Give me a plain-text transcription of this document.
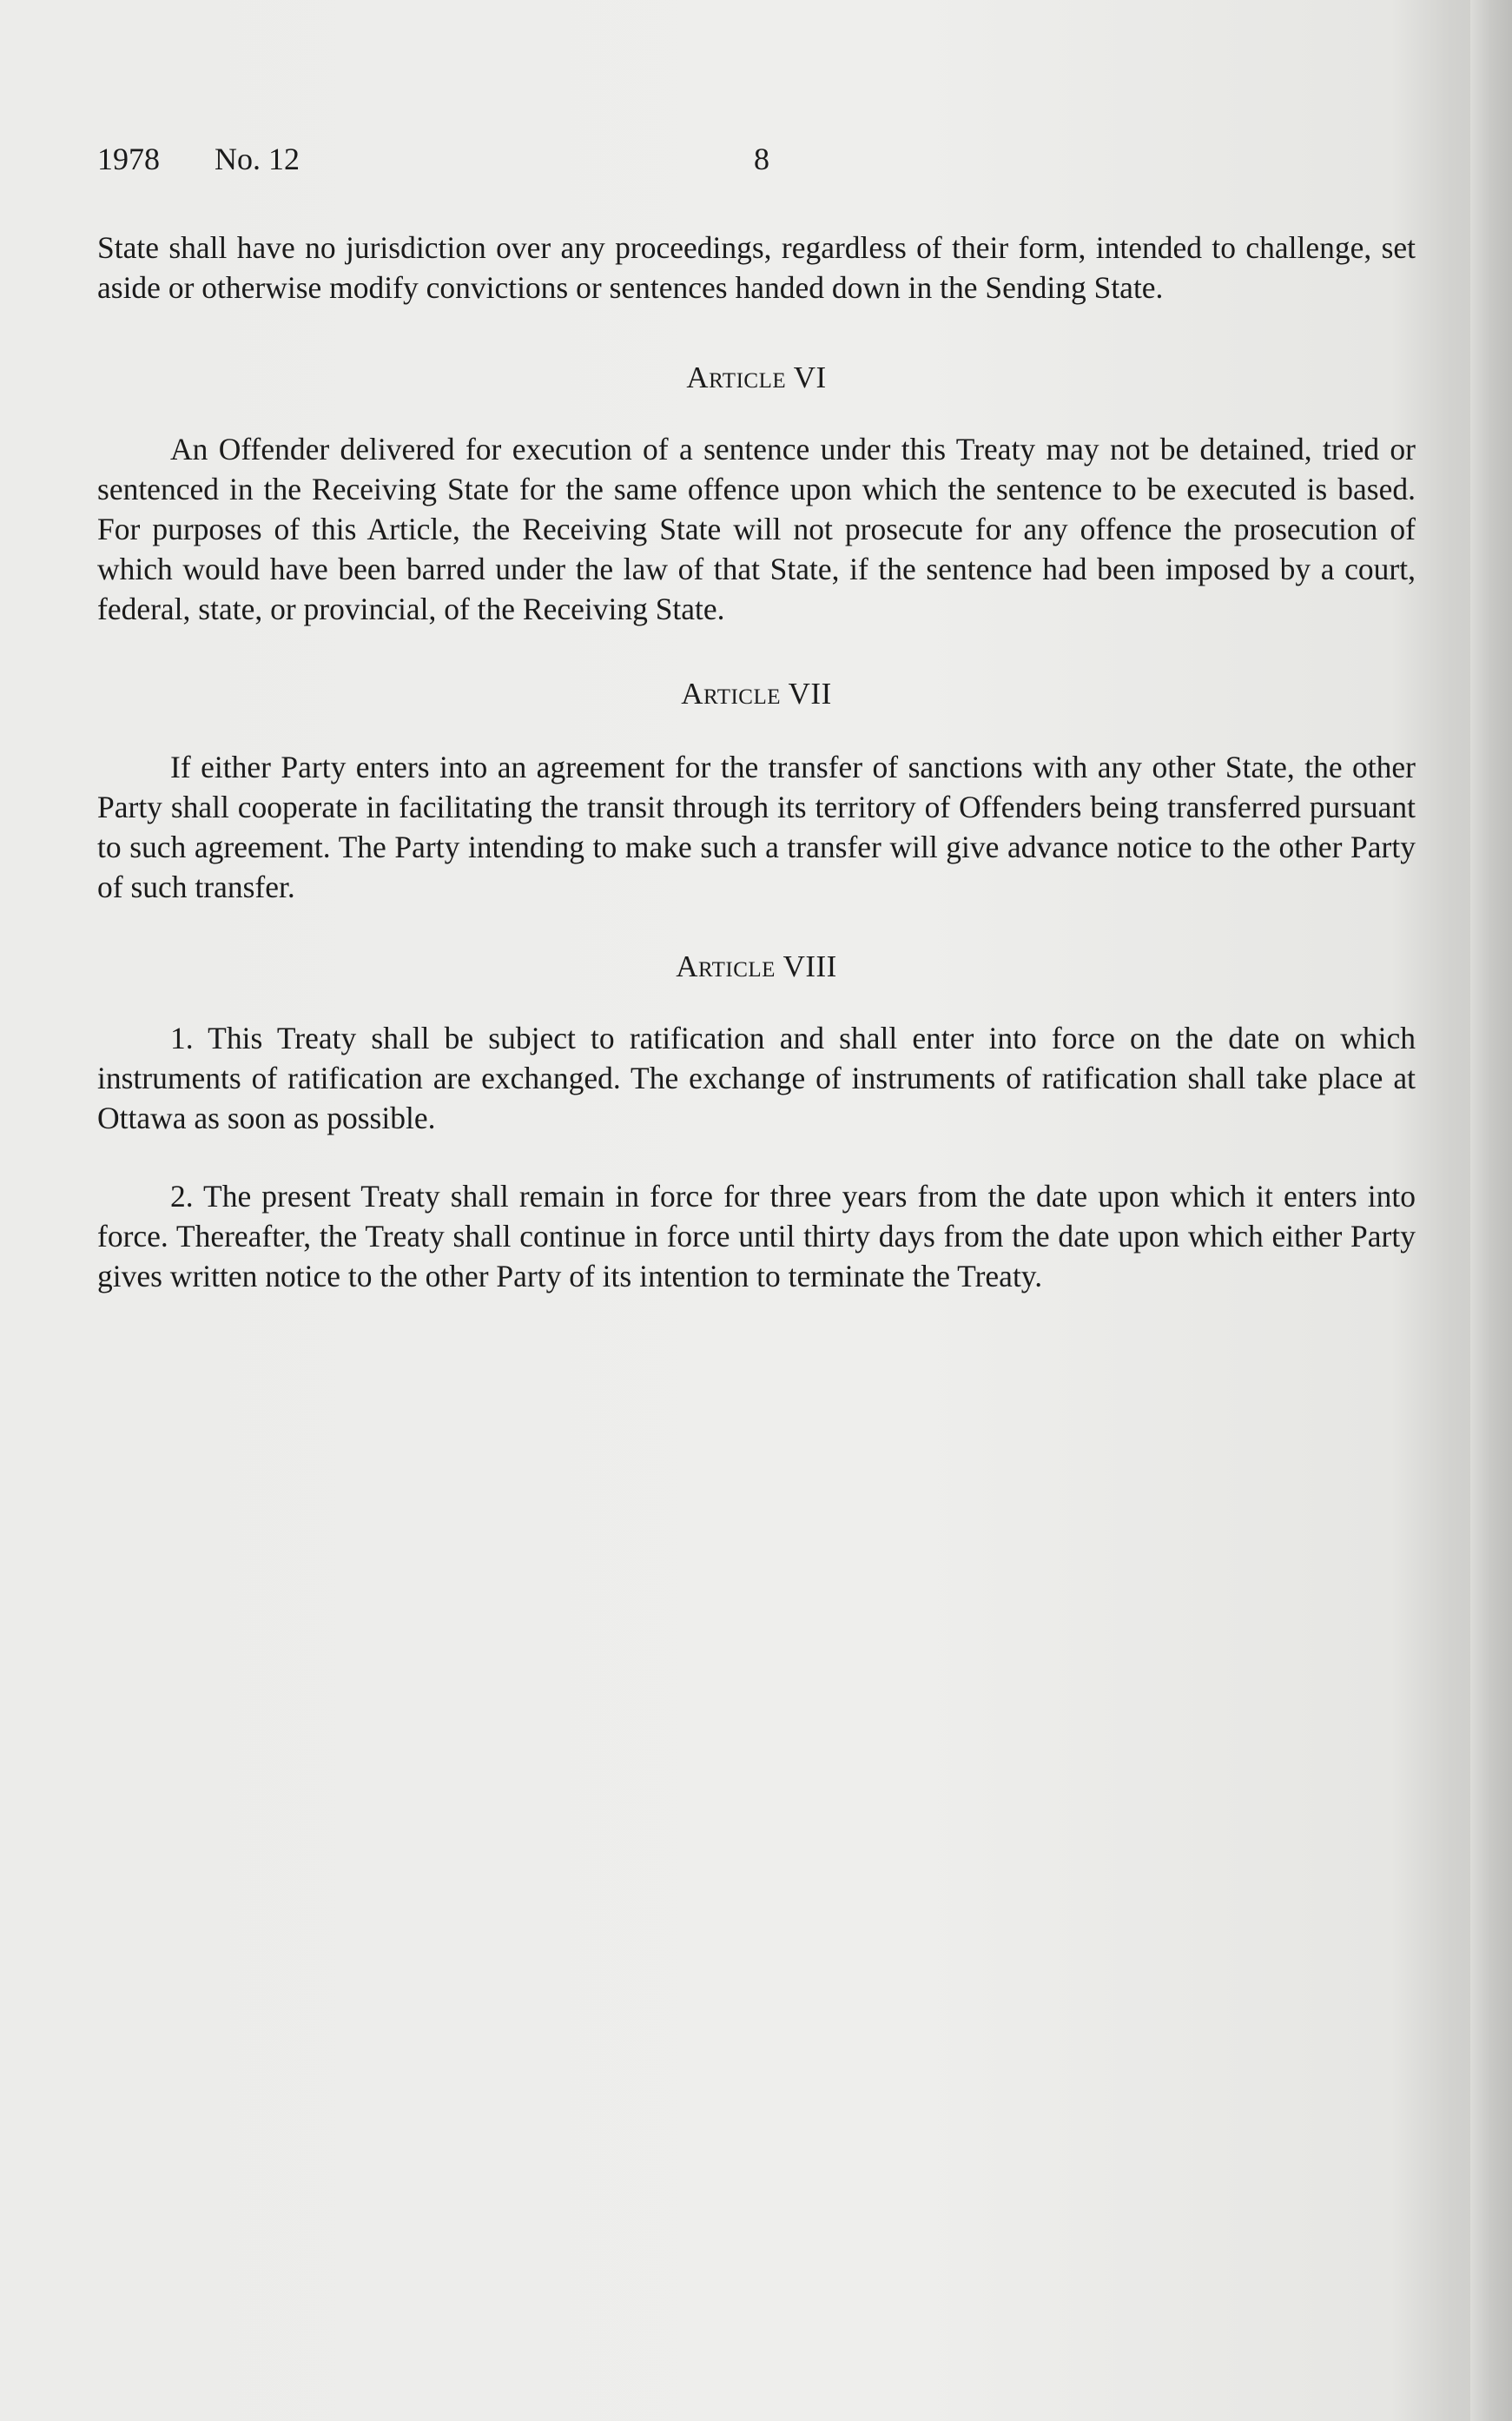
1978 No. 12	8

State shall have no jurisdiction over any proceedings, regardless of their form, intended to challenge, set aside or otherwise modify convictions or sentences handed down in the Sending State.

Article VI

An Offender delivered for execution of a sentence under this Treaty may not be detained, tried or sentenced in the Receiving State for the same offence upon which the sentence to be executed is based. For purposes of this Article, the Receiving State will not prosecute for any offence the prosecution of which would have been barred under the law of that State, if the sentence had been imposed by a court, federal, state, or provincial, of the Receiving State.

Article VII

If either Party enters into an agreement for the transfer of sanctions with any other State, the other Party shall cooperate in facilitating the transit through its territory of Offenders being transferred pursuant to such agreement. The Party intending to make such a transfer will give advance notice to the other Party of such transfer.

Article VIII

1. This Treaty shall be subject to ratification and shall enter into force on the date on which instruments of ratification are exchanged. The exchange of instruments of ratification shall take place at Ottawa as soon as possible.

2. The present Treaty shall remain in force for three years from the date upon which it enters into force. Thereafter, the Treaty shall continue in force until thirty days from the date upon which either Party gives written notice to the other Party of its intention to terminate the Treaty.
